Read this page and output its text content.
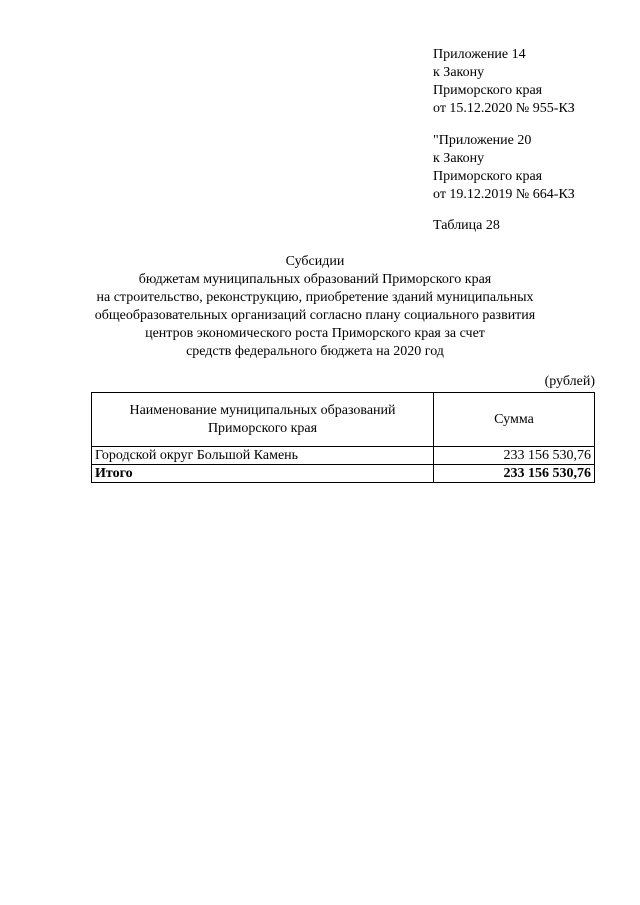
Приложение 14
к Закону
Приморского края
от 15.12.2020 № 955-КЗ
"Приложение 20
к Закону
Приморского края
от 19.12.2019 № 664-КЗ
Таблица 28
Субсидии
бюджетам муниципальных образований Приморского края
на строительство, реконструкцию, приобретение зданий муниципальных
общеобразовательных организаций согласно плану социального развития
центров экономического роста Приморского края за счет
средств федерального бюджета на 2020 год
(рублей)
Наименование муниципальных образований
Приморского края	Сумма
Городской округ Большой Камень	233 156 530,76
Итого	233 156 530,76
